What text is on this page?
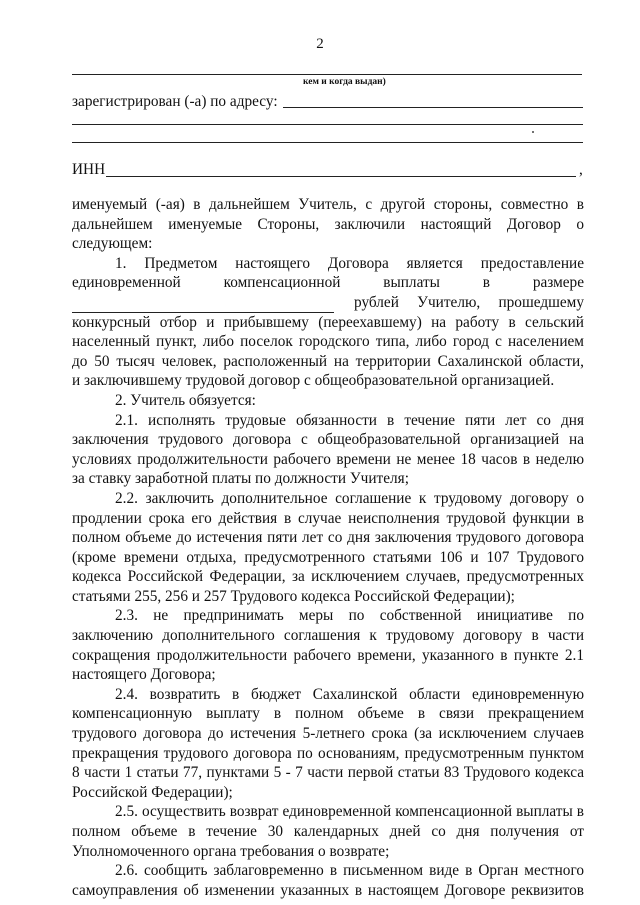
2
кем и когда выдан)
зарегистрирован (-а) по адресу:
ИНН	,

именуемый (-ая) в дальнейшем Учитель, с другой стороны, совместно в

дальнейшем именуемые Стороны, заключили настоящий Договор о

следующем:

1. Предметом настоящего Договора является предоставление

единовременной компенсационной выплаты в размере

рублей Учителю, прошедшему

конкурсный отбор и прибывшему (переехавшему) на работу в сельский

населенный пункт, либо поселок городского типа, либо город с населением

до 50 тысяч человек, расположенный на территории Сахалинской области,

и заключившему трудовой договор с общеобразовательной организацией.

2. Учитель обязуется:

2.1. исполнять трудовые обязанности в течение пяти лет со дня

заключения трудового договора с общеобразовательной организацией на

условиях продолжительности рабочего времени не менее 18 часов в неделю

за ставку заработной платы по должности Учителя;

2.2. заключить дополнительное соглашение к трудовому договору о

продлении срока его действия в случае неисполнения трудовой функции в

полном объеме до истечения пяти лет со дня заключения трудового договора

(кроме времени отдыха, предусмотренного статьями 106 и 107 Трудового

кодекса Российской Федерации, за исключением случаев, предусмотренных

статьями 255, 256 и 257 Трудового кодекса Российской Федерации);

2.3. не предпринимать меры по собственной инициативе по

заключению дополнительного соглашения к трудовому договору в части

сокращения продолжительности рабочего времени, указанного в пункте 2.1

настоящего Договора;

2.4. возвратить в бюджет Сахалинской области единовременную

компенсационную выплату в полном объеме в связи прекращением

трудового договора до истечения 5-летнего срока (за исключением случаев

прекращения трудового договора по основаниям, предусмотренным пунктом

8 части 1 статьи 77, пунктами 5 - 7 части первой статьи 83 Трудового кодекса

Российской Федерации);

2.5. осуществить возврат единовременной компенсационной выплаты в

полном объеме в течение 30 календарных дней со дня получения от

Уполномоченного органа требования о возврате;

2.6. сообщить заблаговременно в письменном виде в Орган местного

самоуправления об изменении указанных в настоящем Договоре реквизитов
